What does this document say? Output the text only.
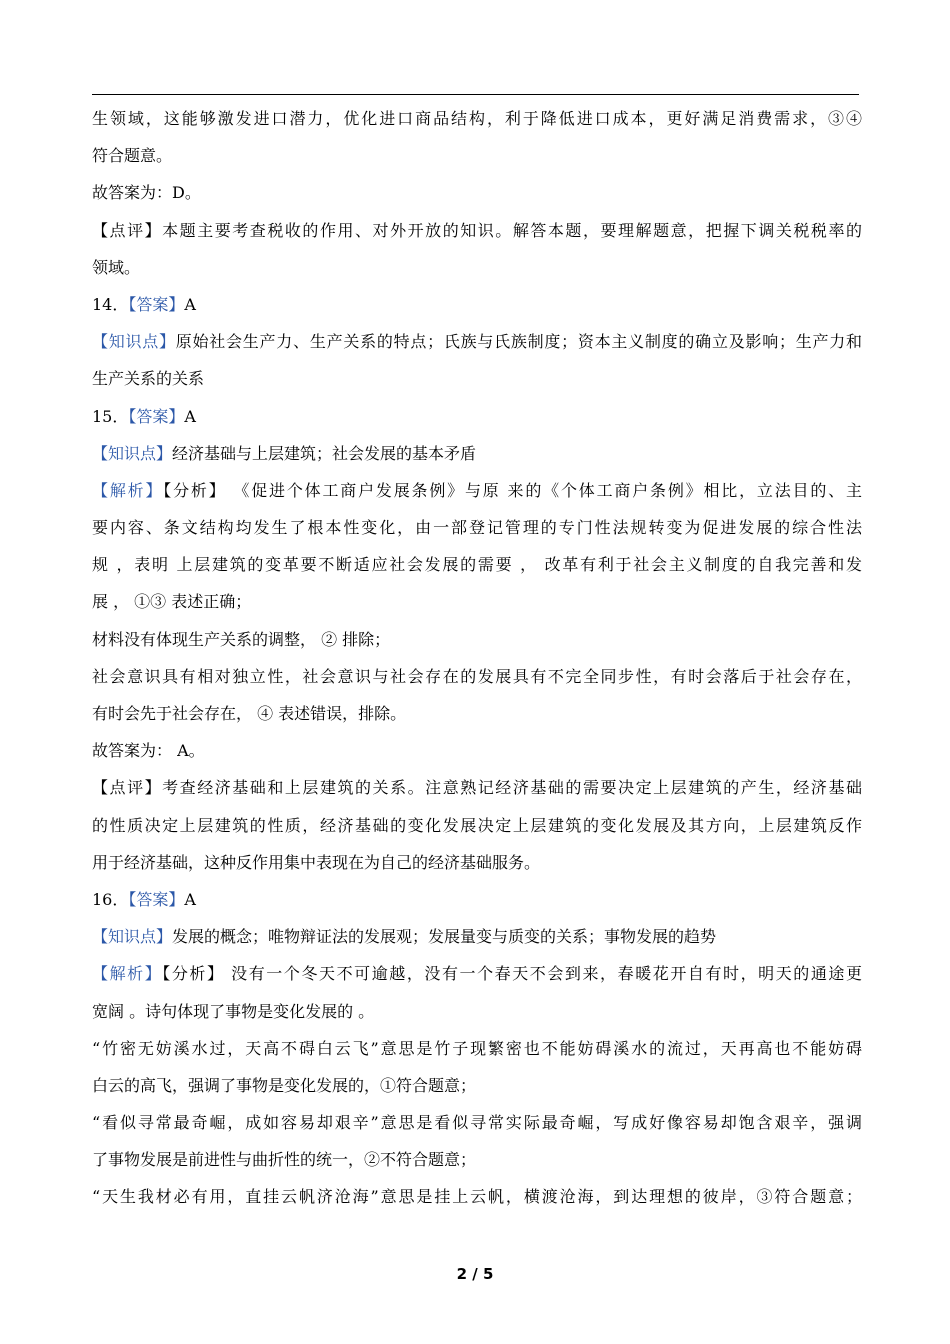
生领域，这能够激发进口潜力，优化进口商品结构，利于降低进口成本，更好满足消费需求，③④
符合题意。
故答案为：D。
【点评】本题主要考查税收的作用、对外开放的知识。解答本题，要理解题意，把握下调关税税率的
领域。
14．【答案】A
【知识点】原始社会生产力、生产关系的特点；氏族与氏族制度；资本主义制度的确立及影响；生产力和
生产关系的关系
15．【答案】A
【知识点】经济基础与上层建筑；社会发展的基本矛盾
【解析】【分析】 《促进个体工商户发展条例》与原 来的《个体工商户条例》相比，立法目的、主
要内容、条文结构均发生了根本性变化，由一部登记管理的专门性法规转变为促进发展的综合性法
规 ，表明 上层建筑的变革要不断适应社会发展的需要 ， 改革有利于社会主义制度的自我完善和发
展 ， ①③ 表述正确；
材料没有体现生产关系的调整， ② 排除；
社会意识具有相对独立性，社会意识与社会存在的发展具有不完全同步性，有时会落后于社会存在，
有时会先于社会存在， ④ 表述错误，排除。
故答案为： A。
【点评】考查经济基础和上层建筑的关系。注意熟记经济基础的需要决定上层建筑的产生，经济基础
的性质决定上层建筑的性质，经济基础的变化发展决定上层建筑的变化发展及其方向，上层建筑反作
用于经济基础，这种反作用集中表现在为自己的经济基础服务。
16．【答案】A
【知识点】发展的概念；唯物辩证法的发展观；发展量变与质变的关系；事物发展的趋势
【解析】【分析】 没有一个冬天不可逾越，没有一个春天不会到来，春暖花开自有时，明天的通途更
宽阔 。诗句体现了事物是变化发展的 。
“竹密无妨溪水过，天高不碍白云飞”意思是竹子现繁密也不能妨碍溪水的流过，天再高也不能妨碍
白云的高飞，强调了事物是变化发展的，①符合题意；
“看似寻常最奇崛，成如容易却艰辛”意思是看似寻常实际最奇崛，写成好像容易却饱含艰辛，强调
了事物发展是前进性与曲折性的统一，②不符合题意；
“天生我材必有用，直挂云帆济沧海”意思是挂上云帆，横渡沧海，到达理想的彼岸，③符合题意；
2 / 5
